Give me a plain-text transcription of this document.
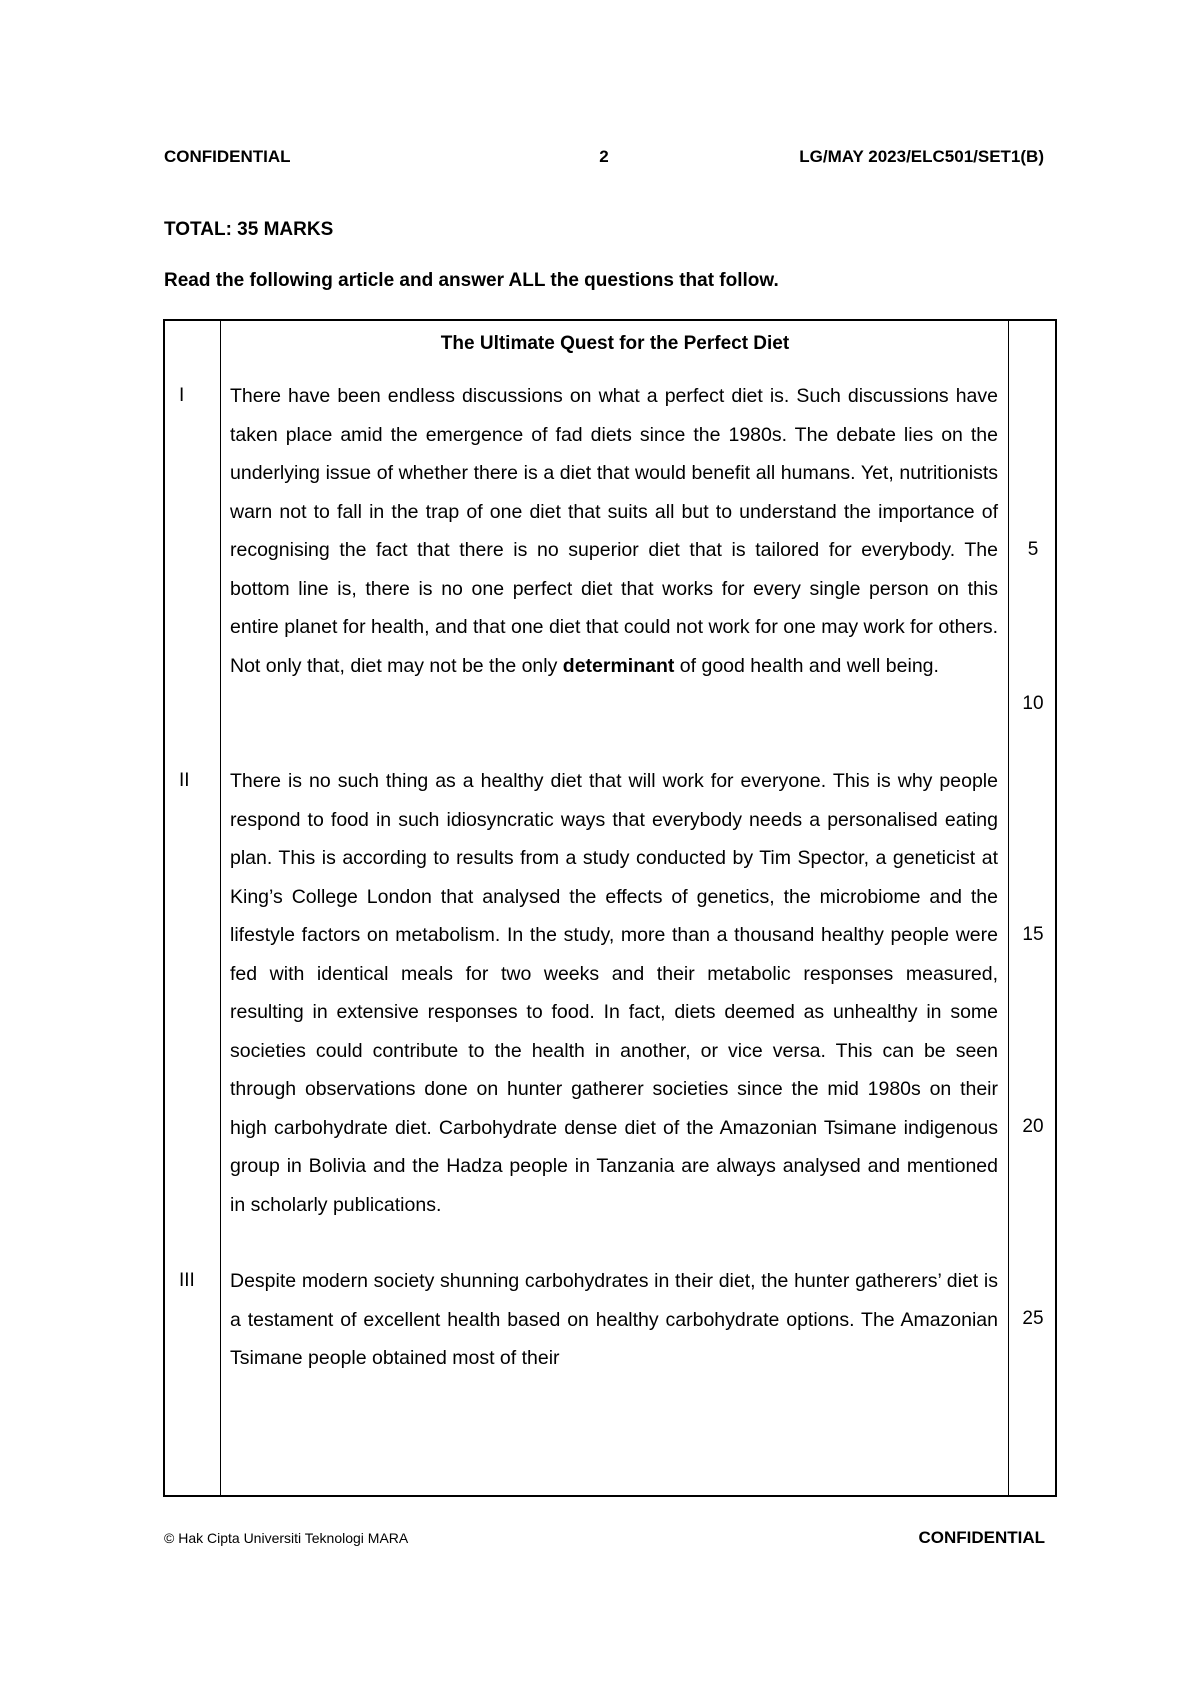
CONFIDENTIAL	2	LG/MAY 2023/ELC501/SET1(B)
TOTAL: 35 MARKS
Read the following article and answer ALL the questions that follow.
The Ultimate Quest for the Perfect Diet
I There have been endless discussions on what a perfect diet is. Such discussions have taken place amid the emergence of fad diets since the 1980s. The debate lies on the underlying issue of whether there is a diet that would benefit all humans. Yet, nutritionists warn not to fall in the trap of one diet that suits all but to understand the importance of recognising the fact that there is no superior diet that is tailored for everybody. The bottom line is, there is no one perfect diet that works for every single person on this entire planet for health, and that one diet that could not work for one may work for others. Not only that, diet may not be the only determinant of good health and well being.

II There is no such thing as a healthy diet that will work for everyone. This is why people respond to food in such idiosyncratic ways that everybody needs a personalised eating plan. This is according to results from a study conducted by Tim Spector, a geneticist at King’s College London that analysed the effects of genetics, the microbiome and the lifestyle factors on metabolism. In the study, more than a thousand healthy people were fed with identical meals for two weeks and their metabolic responses measured, resulting in extensive responses to food. In fact, diets deemed as unhealthy in some societies could contribute to the health in another, or vice versa. This can be seen through observations done on hunter gatherer societies since the mid 1980s on their high carbohydrate diet. Carbohydrate dense diet of the Amazonian Tsimane indigenous group in Bolivia and the Hadza people in Tanzania are always analysed and mentioned in scholarly publications.

III Despite modern society shunning carbohydrates in their diet, the hunter gatherers’ diet is a testament of excellent health based on healthy carbohydrate options. The Amazonian Tsimane people obtained most of their

5
10
15
20
25
© Hak Cipta Universiti Teknologi MARA	CONFIDENTIAL
